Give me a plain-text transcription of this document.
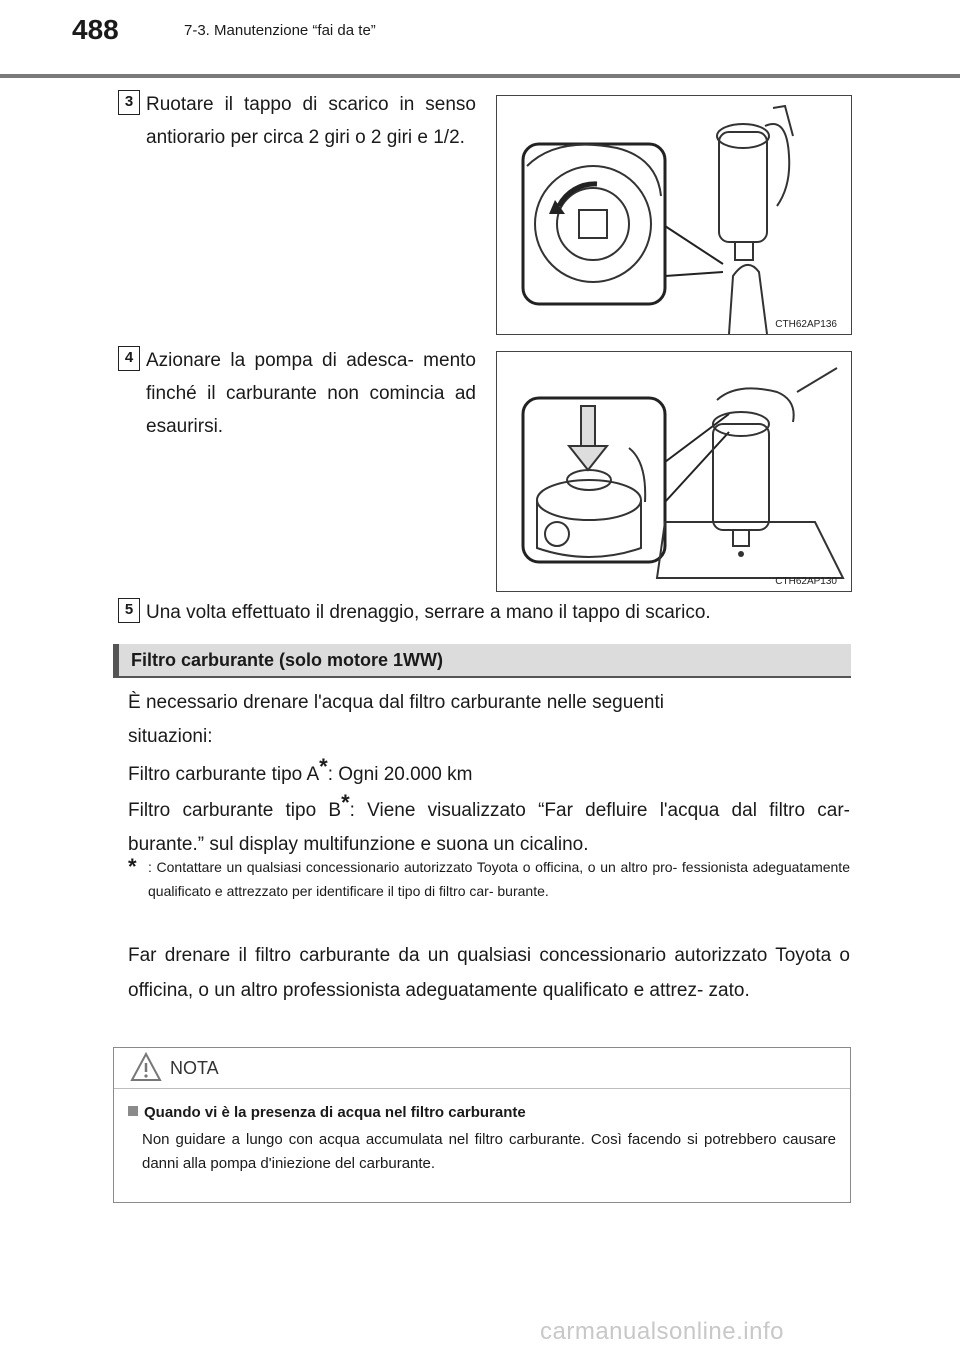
488	7-3. Manutenzione “fai da te”
3 Ruotare il tappo di scarico in senso antiorario per circa 2 giri o 2 giri e 1/2.
CTH62AP136
4 Azionare la pompa di adesca- mento finché il carburante non comincia ad esaurirsi.
CTH62AP130
5 Una volta effettuato il drenaggio, serrare a mano il tappo di scarico.
Filtro carburante (solo motore 1WW)
È necessario drenare l'acqua dal filtro carburante nelle seguenti situazioni:
Filtro carburante tipo A*: Ogni 20.000 km
Filtro carburante tipo B*: Viene visualizzato “Far defluire l'acqua dal filtro car- burante.” sul display multifunzione e suona un cicalino.
* : Contattare un qualsiasi concessionario autorizzato Toyota o officina, o un altro pro- fessionista adeguatamente qualificato e attrezzato per identificare il tipo di filtro car- burante.
Far drenare il filtro carburante da un qualsiasi concessionario autorizzato Toyota o officina, o un altro professionista adeguatamente qualificato e attrez- zato.
NOTA
Quando vi è la presenza di acqua nel filtro carburante
Non guidare a lungo con acqua accumulata nel filtro carburante. Così facendo si potrebbero causare danni alla pompa d'iniezione del carburante.
carmanualsonline.info
